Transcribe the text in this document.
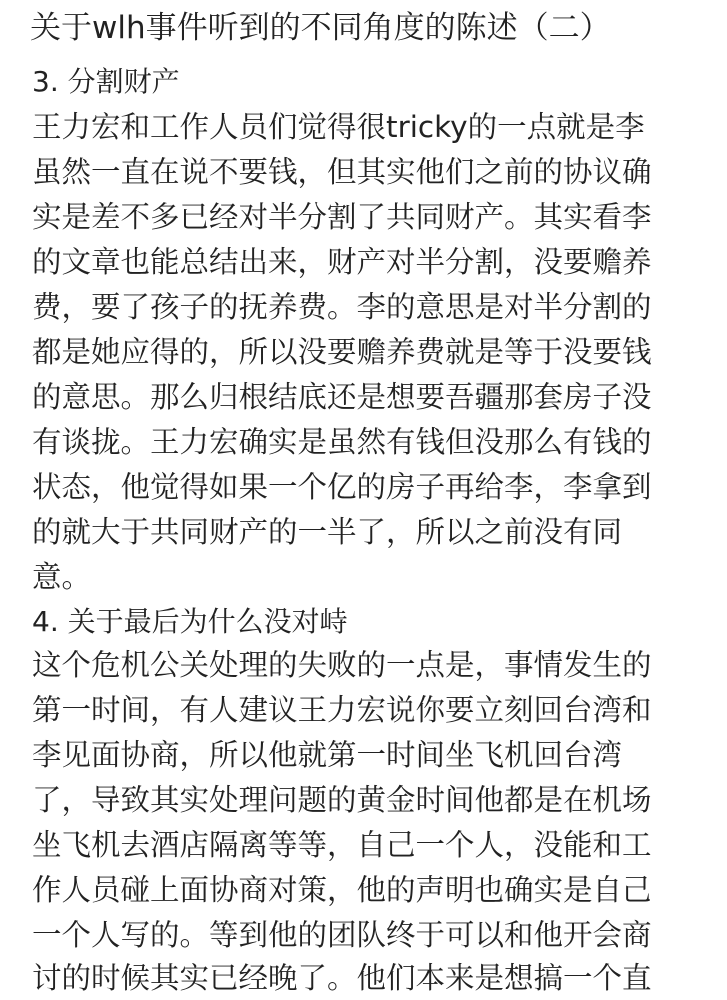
关于wlh事件听到的不同角度的陈述（二）
3. 分割财产
王力宏和工作人员们觉得很tricky的一点就是李
虽然一直在说不要钱，但其实他们之前的协议确
实是差不多已经对半分割了共同财产。其实看李
的文章也能总结出来，财产对半分割，没要赡养
费，要了孩子的抚养费。李的意思是对半分割的
都是她应得的，所以没要赡养费就是等于没要钱
的意思。那么归根结底还是想要吾疆那套房子没
有谈拢。王力宏确实是虽然有钱但没那么有钱的
状态，他觉得如果一个亿的房子再给李，李拿到
的就大于共同财产的一半了，所以之前没有同
意。
4. 关于最后为什么没对峙
这个危机公关处理的失败的一点是，事情发生的
第一时间，有人建议王力宏说你要立刻回台湾和
李见面协商，所以他就第一时间坐飞机回台湾
了，导致其实处理问题的黄金时间他都是在机场
坐飞机去酒店隔离等等，自己一个人，没能和工
作人员碰上面协商对策，他的声明也确实是自己
一个人写的。等到他的团队终于可以和他开会商
讨的时候其实已经晚了。他们本来是想搞一个直
